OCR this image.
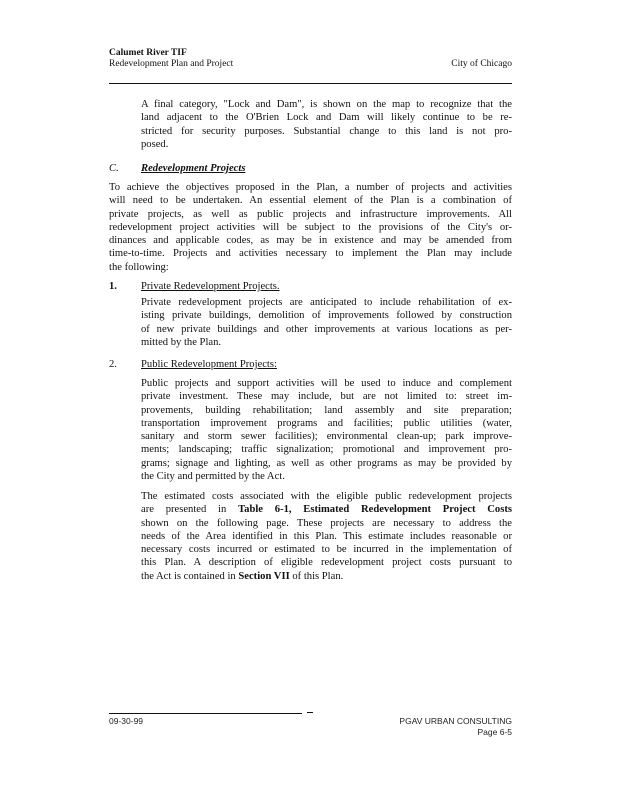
Calumet River TIF
Redevelopment Plan and Project	City of Chicago
A final category, "Lock and Dam", is shown on the map to recognize that the
land adjacent to the O'Brien Lock and Dam will likely continue to be re-
stricted for security purposes. Substantial change to this land is not pro-
posed.
C. Redevelopment Projects
To achieve the objectives proposed in the Plan, a number of projects and activities
will need to be undertaken. An essential element of the Plan is a combination of
private projects, as well as public projects and infrastructure improvements. All
redevelopment project activities will be subject to the provisions of the City's or-
dinances and applicable codes, as may be in existence and may be amended from
time-to-time. Projects and activities necessary to implement the Plan may include
the following:
1. Private Redevelopment Projects.
Private redevelopment projects are anticipated to include rehabilitation of ex-
isting private buildings, demolition of improvements followed by construction
of new private buildings and other improvements at various locations as per-
mitted by the Plan.
2. Public Redevelopment Projects:
Public projects and support activities will be used to induce and complement
private investment. These may include, but are not limited to: street im-
provements, building rehabilitation; land assembly and site preparation;
transportation improvement programs and facilities; public utilities (water,
sanitary and storm sewer facilities); environmental clean-up; park improve-
ments; landscaping; traffic signalization; promotional and improvement pro-
grams; signage and lighting, as well as other programs as may be provided by
the City and permitted by the Act.
The estimated costs associated with the eligible public redevelopment projects
are presented in Table 6-1, Estimated Redevelopment Project Costs
shown on the following page. These projects are necessary to address the
needs of the Area identified in this Plan. This estimate includes reasonable or
necessary costs incurred or estimated to be incurred in the implementation of
this Plan. A description of eligible redevelopment project costs pursuant to
the Act is contained in Section VII of this Plan.
09-30-99	PGAV URBAN CONSULTING
Page 6-5
